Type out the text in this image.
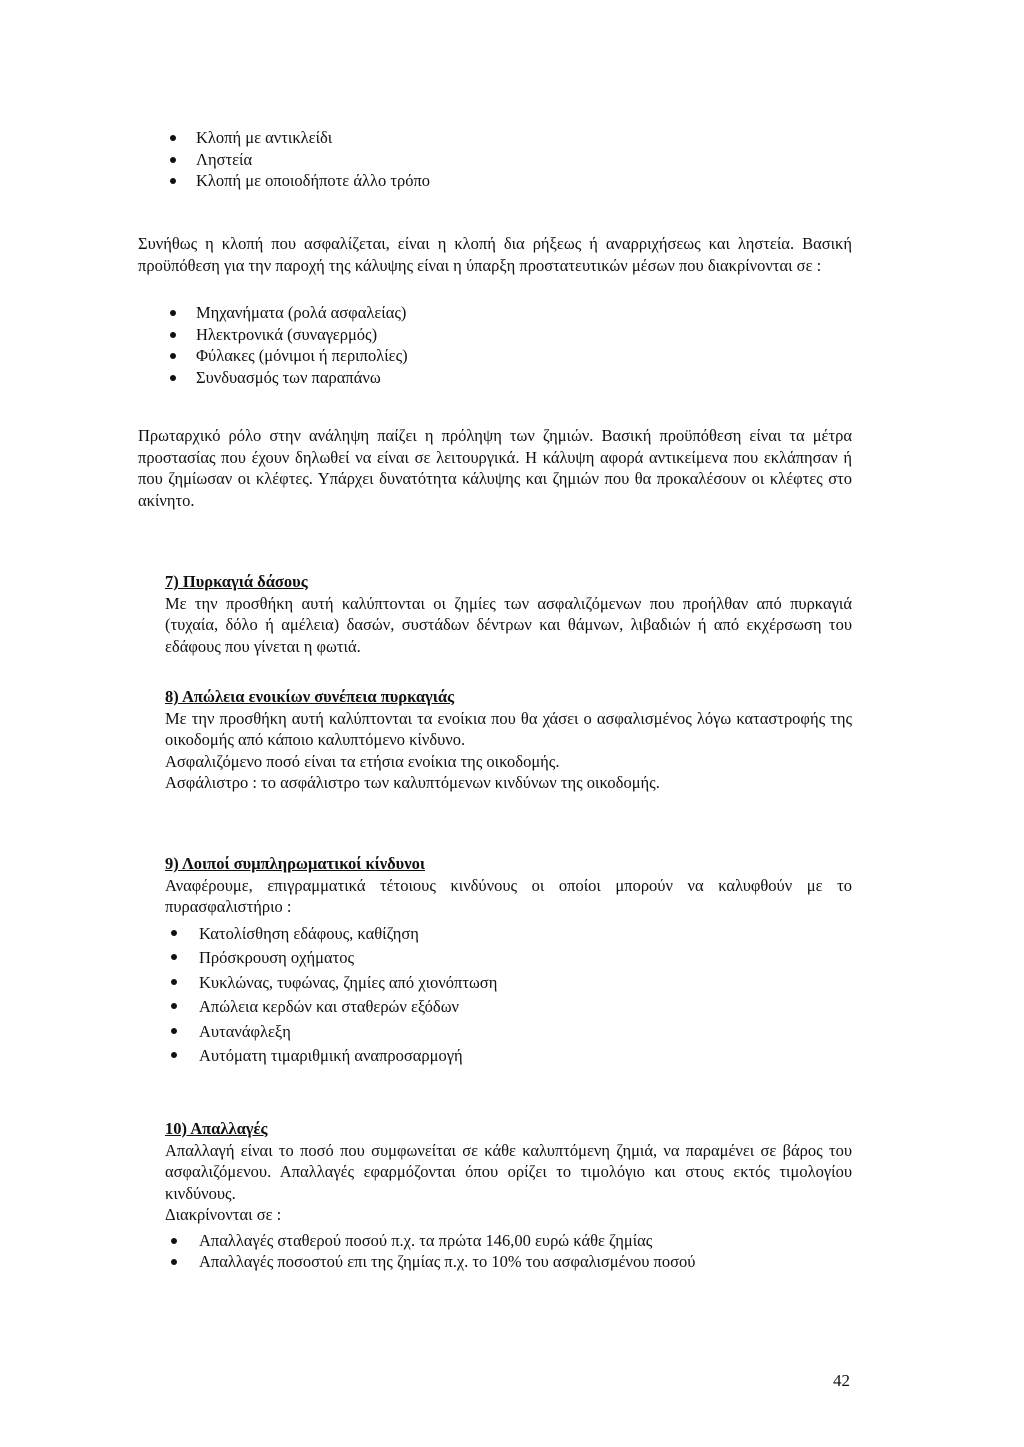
Κλοπή με αντικλείδι
Ληστεία
Κλοπή με οποιοδήποτε άλλο τρόπο

Συνήθως η κλοπή που ασφαλίζεται, είναι η κλοπή δια ρήξεως ή αναρριχήσεως και ληστεία. Βασική προϋπόθεση για την παροχή της κάλυψης είναι η ύπαρξη προστατευτικών μέσων που διακρίνονται σε :

Μηχανήματα (ρολά ασφαλείας)
Ηλεκτρονικά (συναγερμός)
Φύλακες (μόνιμοι ή περιπολίες)
Συνδυασμός των παραπάνω

Πρωταρχικό ρόλο στην ανάληψη παίζει η πρόληψη των ζημιών. Βασική προϋπόθεση είναι τα μέτρα προστασίας που έχουν δηλωθεί να είναι σε λειτουργικά. Η κάλυψη αφορά αντικείμενα που εκλάπησαν ή που ζημίωσαν οι κλέφτες. Υπάρχει δυνατότητα κάλυψης και ζημιών που θα προκαλέσουν οι κλέφτες στο ακίνητο.

7) Πυρκαγιά δάσους

Με την προσθήκη αυτή καλύπτονται οι ζημίες των ασφαλιζόμενων που προήλθαν από πυρκαγιά (τυχαία, δόλο ή αμέλεια) δασών, συστάδων δέντρων και θάμνων, λιβαδιών ή από εκχέρσωση του εδάφους που γίνεται η φωτιά.

8) Απώλεια ενοικίων συνέπεια πυρκαγιάς

Με την προσθήκη αυτή καλύπτονται τα ενοίκια που θα χάσει ο ασφαλισμένος λόγω καταστροφής της οικοδομής από κάποιο καλυπτόμενο κίνδυνο.

Ασφαλιζόμενο ποσό είναι τα ετήσια ενοίκια της οικοδομής.

Ασφάλιστρο : το ασφάλιστρο των καλυπτόμενων κινδύνων της οικοδομής.

9) Λοιποί συμπληρωματικοί κίνδυνοι

Αναφέρουμε, επιγραμματικά τέτοιους κινδύνους οι οποίοι μπορούν να καλυφθούν με το πυρασφαλιστήριο :

Κατολίσθηση εδάφους, καθίζηση
Πρόσκρουση οχήματος
Κυκλώνας, τυφώνας, ζημίες από χιονόπτωση
Απώλεια κερδών και σταθερών εξόδων
Αυτανάφλεξη
Αυτόματη τιμαριθμική αναπροσαρμογή
10) Απαλλαγές

Απαλλαγή είναι το ποσό που συμφωνείται σε κάθε καλυπτόμενη ζημιά, να παραμένει σε βάρος του ασφαλιζόμενου. Απαλλαγές εφαρμόζονται όπου ορίζει το τιμολόγιο και στους εκτός τιμολογίου κινδύνους.

Διακρίνονται σε :

Απαλλαγές σταθερού ποσού π.χ. τα πρώτα 146,00 ευρώ κάθε ζημίας
Απαλλαγές ποσοστού επι της ζημίας π.χ. το 10% του ασφαλισμένου ποσού
42
